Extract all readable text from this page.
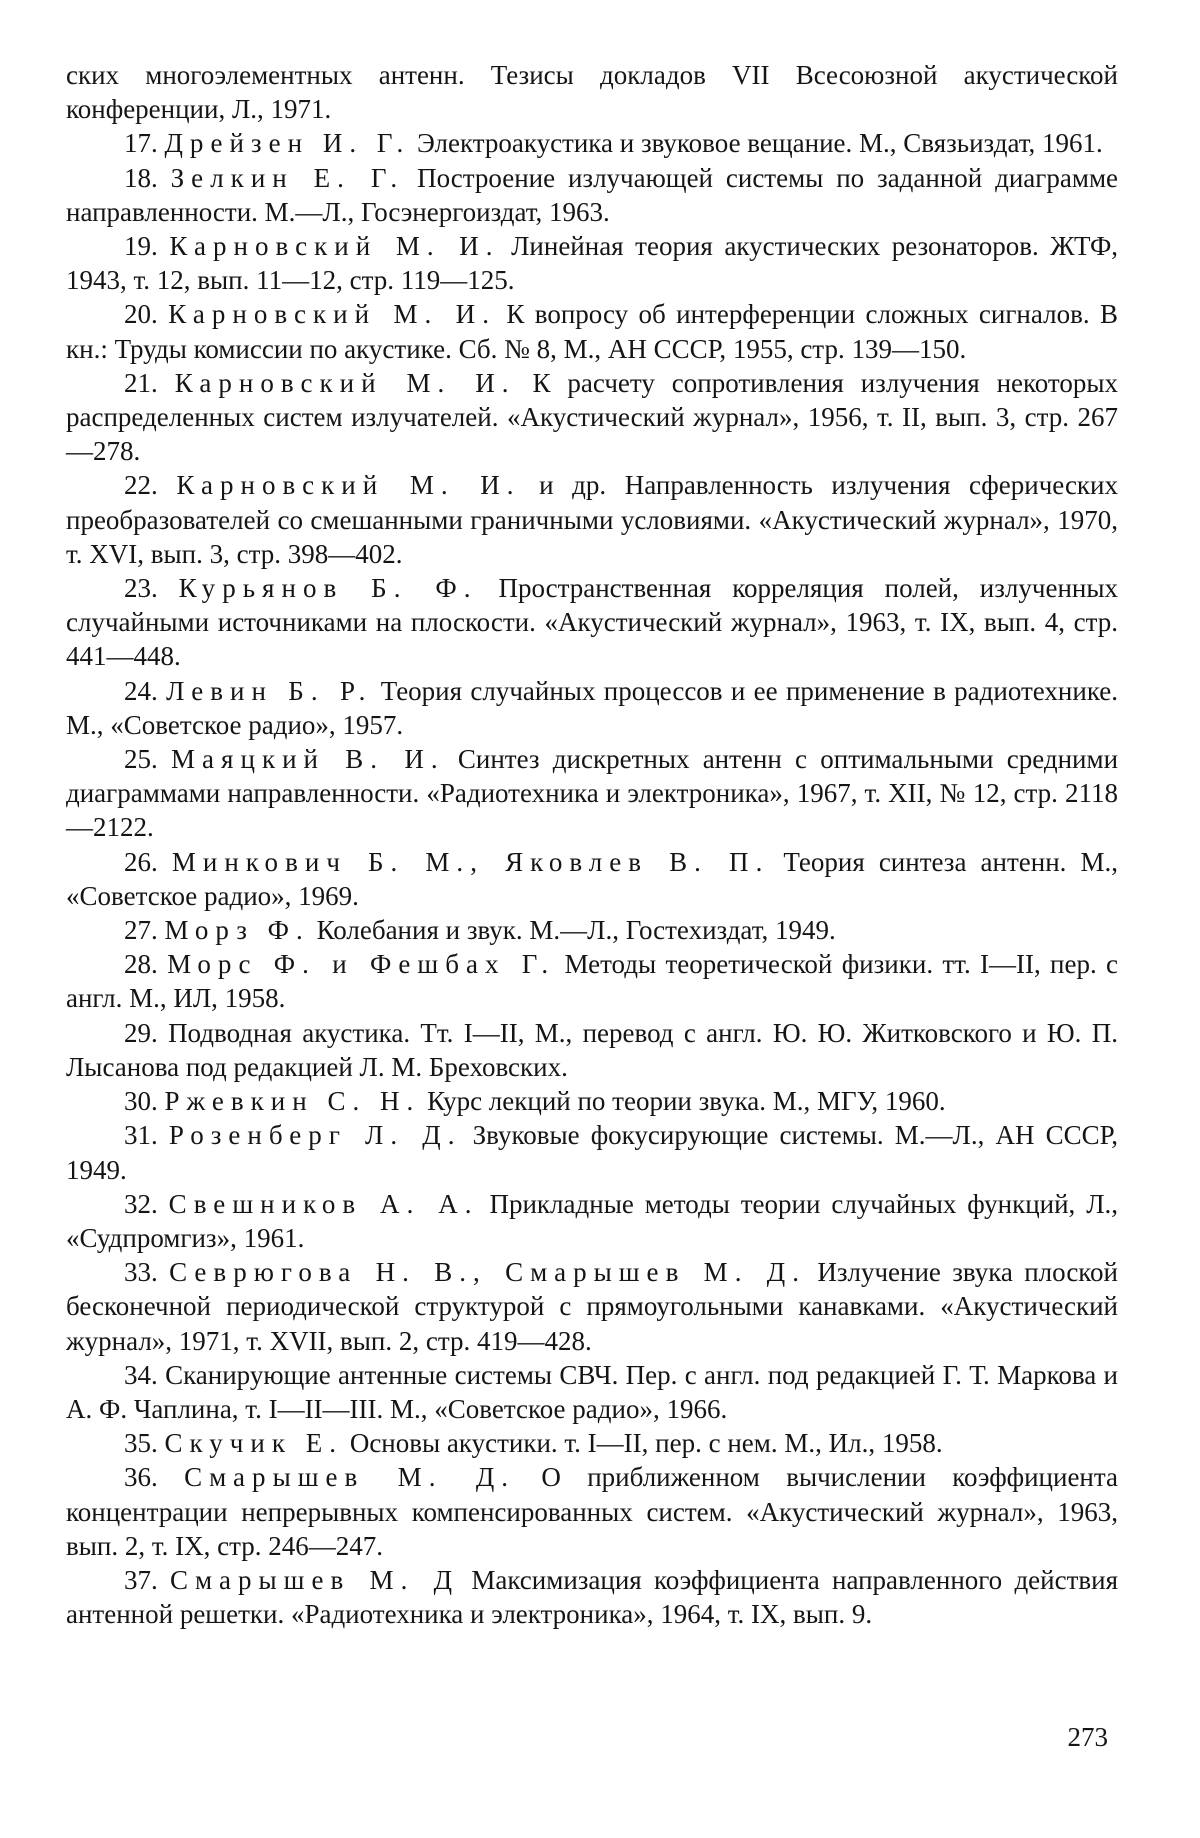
ских многоэлементных антенн. Тезисы докладов VII Всесоюзной акустической конференции, Л., 1971.

17. Дрейзен И. Г. Электроакустика и звуковое вещание. М., Связьиздат, 1961.

18. Зелкин Е. Г. Построение излучающей системы по заданной диаграмме направленности. М.—Л., Госэнергоиздат, 1963.

19. Карновский М. И. Линейная теория акустических резонаторов. ЖТФ, 1943, т. 12, вып. 11—12, стр. 119—125.

20. Карновский М. И. К вопросу об интерференции сложных сигналов. В кн.: Труды комиссии по акустике. Сб. № 8, М., АН СССР, 1955, стр. 139—150.

21. Карновский М. И. К расчету сопротивления излучения некоторых распределенных систем излучателей. «Акустический журнал», 1956, т. II, вып. 3, стр. 267—278.

22. Карновский М. И. и др. Направленность излучения сферических преобразователей со смешанными граничными условиями. «Акустический журнал», 1970, т. XVI, вып. 3, стр. 398—402.

23. Курьянов Б. Ф. Пространственная корреляция полей, излученных случайными источниками на плоскости. «Акустический журнал», 1963, т. IX, вып. 4, стр. 441—448.

24. Левин Б. Р. Теория случайных процессов и ее применение в радиотехнике. М., «Советское радио», 1957.

25. Маяцкий В. И. Синтез дискретных антенн с оптимальными средними диаграммами направленности. «Радиотехника и электроника», 1967, т. XII, № 12, стр. 2118—2122.

26. Минкович Б. М., Яковлев В. П. Теория синтеза антенн. М., «Советское радио», 1969.

27. Морз Ф. Колебания и звук. М.—Л., Гостехиздат, 1949.

28. Морс Ф. и Фешбах Г. Методы теоретической физики. тт. I—II, пер. с англ. М., ИЛ, 1958.

29. Подводная акустика. Тт. I—II, М., перевод с англ. Ю. Ю. Житковского и Ю. П. Лысанова под редакцией Л. М. Бреховских.

30. Ржевкин С. Н. Курс лекций по теории звука. М., МГУ, 1960.

31. Розенберг Л. Д. Звуковые фокусирующие системы. М.—Л., АН СССР, 1949.

32. Свешников А. А. Прикладные методы теории случайных функций, Л., «Судпромгиз», 1961.

33. Севрюгова Н. В., Смарышев М. Д. Излучение звука плоской бесконечной периодической структурой с прямоугольными канавками. «Акустический журнал», 1971, т. XVII, вып. 2, стр. 419—428.

34. Сканирующие антенные системы СВЧ. Пер. с англ. под редакцией Г. Т. Маркова и А. Ф. Чаплина, т. I—II—III. М., «Советское радио», 1966.

35. Скучик Е. Основы акустики. т. I—II, пер. с нем. М., Ил., 1958.

36. Смарышев М. Д. О приближенном вычислении коэффициента концентрации непрерывных компенсированных систем. «Акустический журнал», 1963, вып. 2, т. IX, стр. 246—247.

37. Смарышев М. Д Максимизация коэффициента направленного действия антенной решетки. «Радиотехника и электроника», 1964, т. IX, вып. 9.

273
